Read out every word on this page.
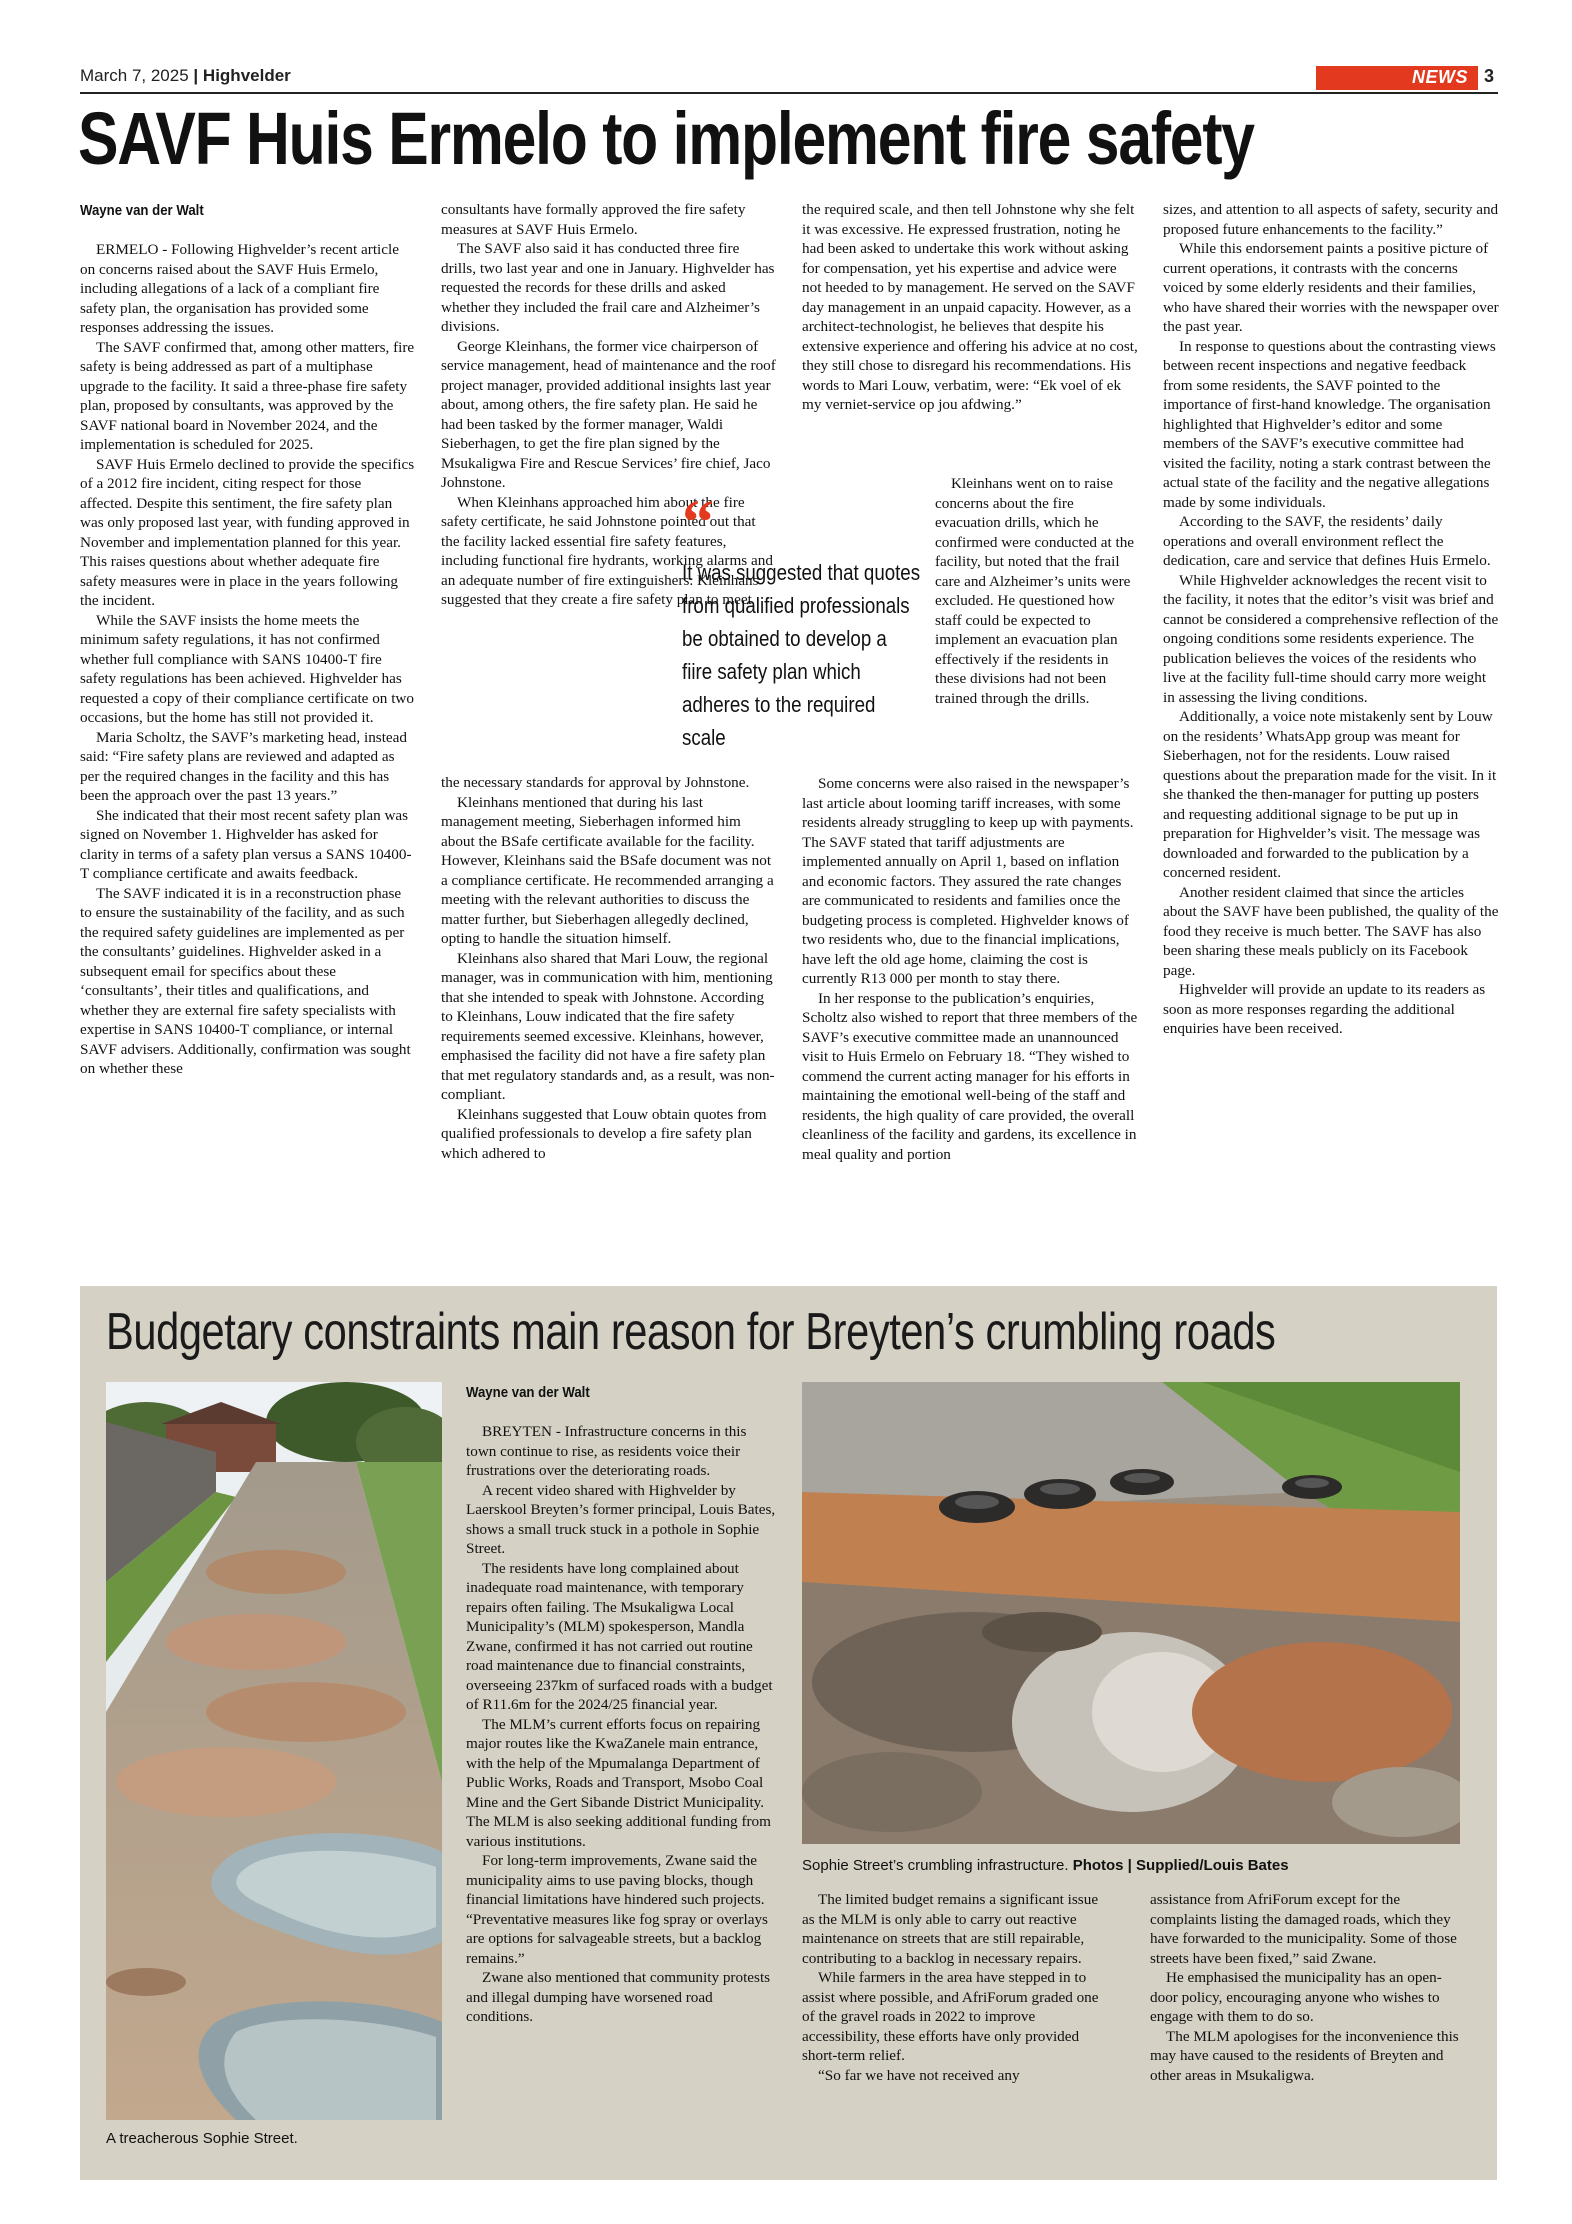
March 7, 2025 | Highvelder	NEWS 3
SAVF Huis Ermelo to implement fire safety
Wayne van der Walt

ERMELO - Following Highvelder’s recent article on concerns raised about the SAVF Huis Ermelo, including allegations of a lack of a compliant fire safety plan, the organisation has provided some responses addressing the issues.

The SAVF confirmed that, among other matters, fire safety is being addressed as part of a multiphase upgrade to the facility. It said a three-phase fire safety plan, proposed by consultants, was approved by the SAVF national board in November 2024, and the implementation is scheduled for 2025.

SAVF Huis Ermelo declined to provide the specifics of a 2012 fire incident, citing respect for those affected. Despite this sentiment, the fire safety plan was only proposed last year, with funding approved in November and implementation planned for this year. This raises questions about whether adequate fire safety measures were in place in the years following the incident.

While the SAVF insists the home meets the minimum safety regulations, it has not confirmed whether full compliance with SANS 10400-T fire safety regulations has been achieved. Highvelder has requested a copy of their compliance certificate on two occasions, but the home has still not provided it.

Maria Scholtz, the SAVF’s marketing head, instead said: “Fire safety plans are reviewed and adapted as per the required changes in the facility and this has been the approach over the past 13 years.”

She indicated that their most recent safety plan was signed on November 1. Highvelder has asked for clarity in terms of a safety plan versus a SANS 10400-T compliance certificate and awaits feedback.

The SAVF indicated it is in a reconstruction phase to ensure the sustainability of the facility, and as such the required safety guidelines are implemented as per the consultants’ guidelines. Highvelder asked in a subsequent email for specifics about these ‘consultants’, their titles and qualifications, and whether they are external fire safety specialists with expertise in SANS 10400-T compliance, or internal SAVF advisers. Additionally, confirmation was sought on whether these

consultants have formally approved the fire safety measures at SAVF Huis Ermelo.

The SAVF also said it has conducted three fire drills, two last year and one in January. Highvelder has requested the records for these drills and asked whether they included the frail care and Alzheimer’s divisions.

George Kleinhans, the former vice chairperson of service management, head of maintenance and the roof project manager, provided additional insights last year about, among others, the fire safety plan. He said he had been tasked by the former manager, Waldi Sieberhagen, to get the fire plan signed by the Msukaligwa Fire and Rescue Services’ fire chief, Jaco Johnstone.

When Kleinhans approached him about the fire safety certificate, he said Johnstone pointed out that the facility lacked essential fire safety features, including functional fire hydrants, working alarms and an adequate number of fire extinguishers. Kleinhans suggested that they create a fire safety plan to meet

the necessary standards for approval by Johnstone.

Kleinhans mentioned that during his last management meeting, Sieberhagen informed him about the BSafe certificate available for the facility. However, Kleinhans said the BSafe document was not a compliance certificate. He recommended arranging a meeting with the relevant authorities to discuss the matter further, but Sieberhagen allegedly declined, opting to handle the situation himself.

Kleinhans also shared that Mari Louw, the regional manager, was in communication with him, mentioning that she intended to speak with Johnstone. According to Kleinhans, Louw indicated that the fire safety requirements seemed excessive. Kleinhans, however, emphasised the facility did not have a fire safety plan that met regulatory standards and, as a result, was non-compliant.

Kleinhans suggested that Louw obtain quotes from qualified professionals to develop a fire safety plan which adhered to

the required scale, and then tell Johnstone why she felt it was excessive. He expressed frustration, noting he had been asked to undertake this work without asking for compensation, yet his expertise and advice were not heeded to by management. He served on the SAVF day management in an unpaid capacity. However, as a architect-technologist, he believes that despite his extensive experience and offering his advice at no cost, they still chose to disregard his recommendations. His words to Mari Louw, verbatim, were: “Ek voel of ek my verniet-service op jou afdwing.”

Kleinhans went on to raise concerns about the fire evacuation drills, which he confirmed were conducted at the facility, but noted that the frail care and Alzheimer’s units were excluded. He questioned how staff could be expected to implement an evacuation plan effectively if the residents in these divisions had not been trained through the drills.

Some concerns were also raised in the newspaper’s last article about looming tariff increases, with some residents already struggling to keep up with payments. The SAVF stated that tariff adjustments are implemented annually on April 1, based on inflation and economic factors. They assured the rate changes are communicated to residents and families once the budgeting process is completed. Highvelder knows of two residents who, due to the financial implications, have left the old age home, claiming the cost is currently R13 000 per month to stay there.

In her response to the publication’s enquiries, Scholtz also wished to report that three members of the SAVF’s executive committee made an unannounced visit to Huis Ermelo on February 18. “They wished to commend the current acting manager for his efforts in maintaining the emotional well-being of the staff and residents, the high quality of care provided, the overall cleanliness of the facility and gardens, its excellence in meal quality and portion

sizes, and attention to all aspects of safety, security and proposed future enhancements to the facility.”

While this endorsement paints a positive picture of current operations, it contrasts with the concerns voiced by some elderly residents and their families, who have shared their worries with the newspaper over the past year.

In response to questions about the contrasting views between recent inspections and negative feedback from some residents, the SAVF pointed to the importance of first-hand knowledge. The organisation highlighted that Highvelder’s editor and some members of the SAVF’s executive committee had visited the facility, noting a stark contrast between the actual state of the facility and the negative allegations made by some individuals.

According to the SAVF, the residents’ daily operations and overall environment reflect the dedication, care and service that defines Huis Ermelo.

While Highvelder acknowledges the recent visit to the facility, it notes that the editor’s visit was brief and cannot be considered a comprehensive reflection of the ongoing conditions some residents experience. The publication believes the voices of the residents who live at the facility full-time should carry more weight in assessing the living conditions.

Additionally, a voice note mistakenly sent by Louw on the residents’ WhatsApp group was meant for Sieberhagen, not for the residents. Louw raised questions about the preparation made for the visit. In it she thanked the then-manager for putting up posters and requesting additional signage to be put up in preparation for Highvelder’s visit. The message was downloaded and forwarded to the publication by a concerned resident.

Another resident claimed that since the articles about the SAVF have been published, the quality of the food they receive is much better. The SAVF has also been sharing these meals publicly on its Facebook page.

Highvelder will provide an update to its readers as soon as more responses regarding the additional enquiries have been received.

“
It was suggested that quotes from qualified professionals be obtained to develop a fiire safety plan which adheres to the required scale
Budgetary constraints main reason for Breyten’s crumbling roads
A treacherous Sophie Street.
Wayne van der Walt

BREYTEN - Infrastructure concerns in this town continue to rise, as residents voice their frustrations over the deteriorating roads.

A recent video shared with Highvelder by Laerskool Breyten’s former principal, Louis Bates, shows a small truck stuck in a pothole in Sophie Street.

The residents have long complained about inadequate road maintenance, with temporary repairs often failing. The Msukaligwa Local Municipality’s (MLM) spokesperson, Mandla Zwane, confirmed it has not carried out routine road maintenance due to financial constraints, overseeing 237km of surfaced roads with a budget of R11.6m for the 2024/25 financial year.

The MLM’s current efforts focus on repairing major routes like the KwaZanele main entrance, with the help of the Mpumalanga Department of Public Works, Roads and Transport, Msobo Coal Mine and the Gert Sibande District Municipality. The MLM is also seeking additional funding from various institutions.

For long-term improvements, Zwane said the municipality aims to use paving blocks, though financial limitations have hindered such projects. “Preventative measures like fog spray or overlays are options for salvageable streets, but a backlog remains.”

Zwane also mentioned that community protests and illegal dumping have worsened road conditions.

Sophie Street’s crumbling infrastructure. Photos | Supplied/Louis Bates

The limited budget remains a significant issue as the MLM is only able to carry out reactive maintenance on streets that are still repairable, contributing to a backlog in necessary repairs.

While farmers in the area have stepped in to assist where possible, and AfriForum graded one of the gravel roads in 2022 to improve accessibility, these efforts have only provided short-term relief.

“So far we have not received any

assistance from AfriForum except for the complaints listing the damaged roads, which they have forwarded to the municipality. Some of those streets have been fixed,” said Zwane.

He emphasised the municipality has an open-door policy, encouraging anyone who wishes to engage with them to do so.

The MLM apologises for the inconvenience this may have caused to the residents of Breyten and other areas in Msukaligwa.
